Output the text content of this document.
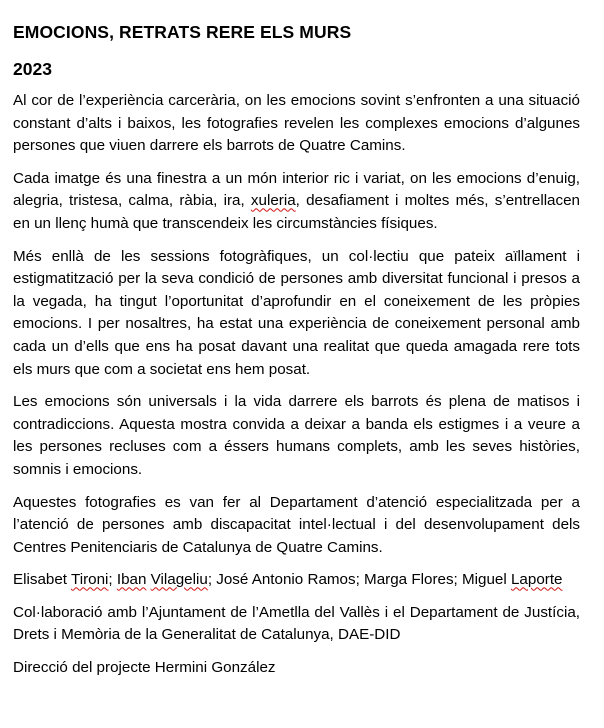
EMOCIONS, RETRATS RERE ELS MURS
2023

Al cor de l’experiència carcerària, on les emocions sovint s’enfronten a una situació constant d’alts i baixos, les fotografies revelen les complexes emocions d’algunes persones que viuen darrere els barrots de Quatre Camins.

Cada imatge és una finestra a un món interior ric i variat, on les emocions d’enuig, alegria, tristesa, calma, ràbia, ira, xuleria, desafiament i moltes més, s’entrellacen en un llenç humà que transcendeix les circumstàncies físiques.

Més enllà de les sessions fotogràfiques, un col·lectiu que pateix aïllament i estigmatització per la seva condició de persones amb diversitat funcional i presos a la vegada, ha tingut l’oportunitat d’aprofundir en el coneixement de les pròpies emocions. I per nosaltres, ha estat una experiència de coneixement personal amb cada un d’ells que ens ha posat davant una realitat que queda amagada rere tots els murs que com a societat ens hem posat.

Les emocions són universals i la vida darrere els barrots és plena de matisos i contradiccions. Aquesta mostra convida a deixar a banda els estigmes i a veure a les persones recluses com a éssers humans complets, amb les seves històries, somnis i emocions.

Aquestes fotografies es van fer al Departament d’atenció especialitzada per a l’atenció de persones amb discapacitat intel·lectual i del desenvolupament dels Centres Penitenciaris de Catalunya de Quatre Camins.

Elisabet Tironi; Iban Vilageliu; José Antonio Ramos; Marga Flores; Miguel Laporte

Col·laboració amb l’Ajuntament de l’Ametlla del Vallès i el Departament de Justícia, Drets i Memòria de la Generalitat de Catalunya, DAE-DID

Direcció del projecte Hermini González
